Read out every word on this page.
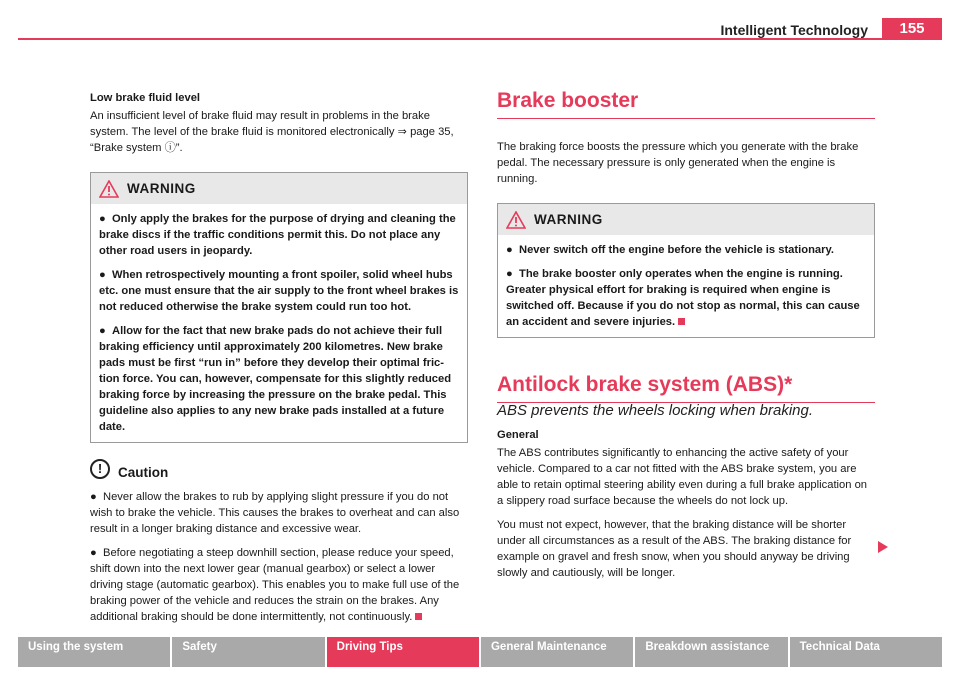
Intelligent Technology	155

Low brake fluid level

An insufficient level of brake fluid may result in problems in the brake system. The level of the brake fluid is monitored electronically ⇒ page 35, “Brake system ⓘ”.

WARNING

●  Only apply the brakes for the purpose of drying and cleaning the brake discs if the traffic conditions permit this. Do not place any other road users in jeopardy.

●  When retrospectively mounting a front spoiler, solid wheel hubs etc. one must ensure that the air supply to the front wheel brakes is not reduced otherwise the brake system could run too hot.

●  Allow for the fact that new brake pads do not achieve their full braking efficiency until approximately 200 kilometres. New brake pads must be first “run in” before they develop their optimal fric- tion force. You can, however, compensate for this slightly reduced braking force by increasing the pressure on the brake pedal. This guideline also applies to any new brake pads installed at a future date.

!	Caution

●  Never allow the brakes to rub by applying slight pressure if you do not wish to brake the vehicle. This causes the brakes to overheat and can also result in a longer braking distance and excessive wear.

●  Before negotiating a steep downhill section, please reduce your speed, shift down into the next lower gear (manual gearbox) or select a lower driving stage (automatic gearbox). This enables you to make full use of the braking power of the vehicle and reduces the strain on the brakes. Any additional braking should be done intermittently, not continuously.

Brake booster

The braking force boosts the pressure which you generate with the brake pedal. The necessary pressure is only generated when the engine is running.

WARNING

●  Never switch off the engine before the vehicle is stationary.

●  The brake booster only operates when the engine is running. Greater physical effort for braking is required when engine is switched off. Because if you do not stop as normal, this can cause an accident and severe injuries.

Antilock brake system (ABS)*

ABS prevents the wheels locking when braking.

General

The ABS contributes significantly to enhancing the active safety of your vehicle. Compared to a car not fitted with the ABS brake system, you are able to retain optimal steering ability even during a full brake application on a slippery road surface because the wheels do not lock up.

You must not expect, however, that the braking distance will be shorter under all circumstances as a result of the ABS. The braking distance for example on gravel and fresh snow, when you should anyway be driving slowly and cautiously, will be longer.

Using the system	Safety	Driving Tips	General Maintenance	Breakdown assistance	Technical Data
